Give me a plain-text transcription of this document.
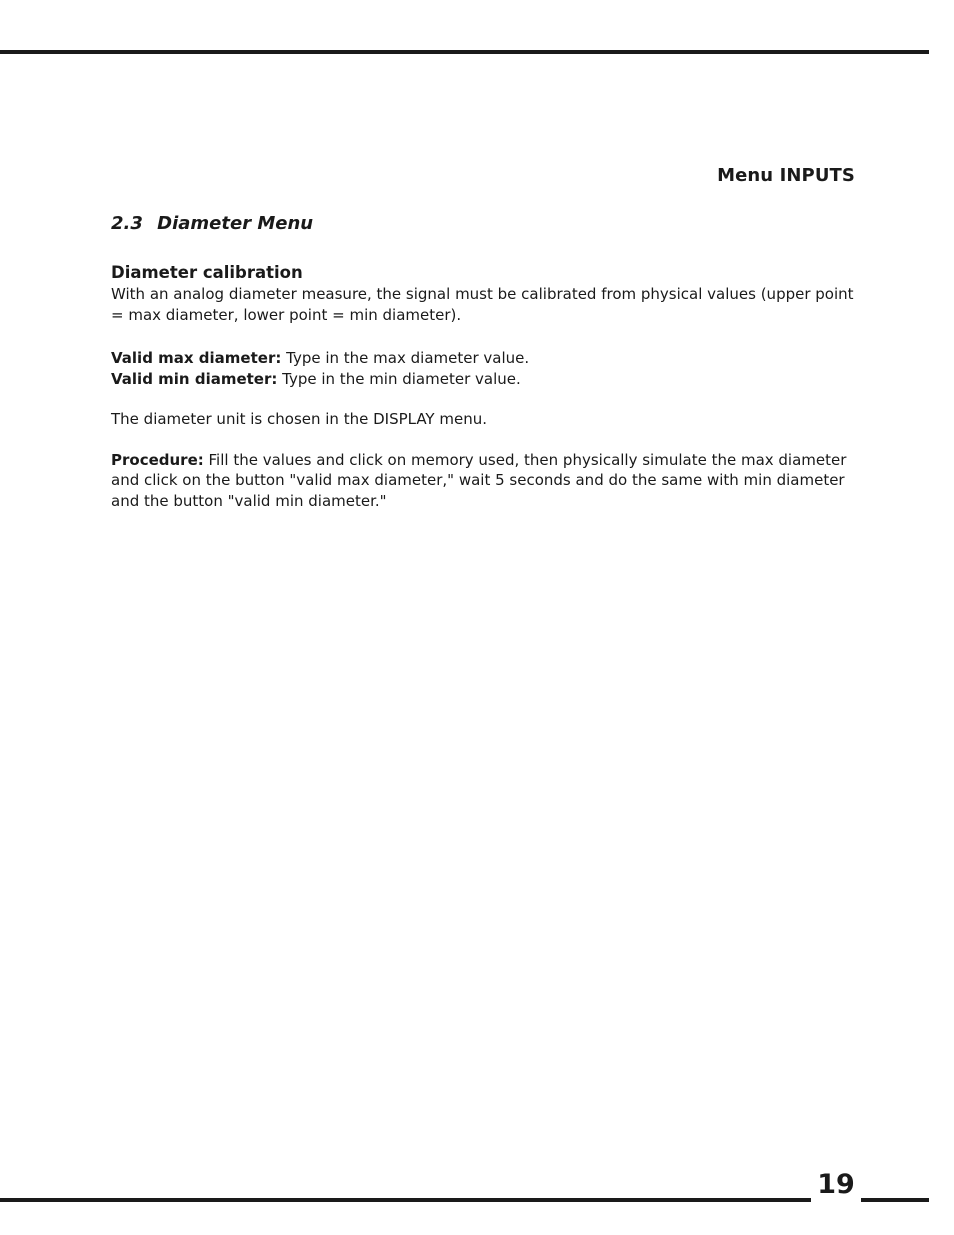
Menu INPUTS
2.3 Diameter Menu
Diameter calibration

With an analog diameter measure, the signal must be calibrated from physical values (upper point = max diameter, lower point = min diameter).

Valid max diameter: Type in the max diameter value.

Valid min diameter: Type in the min diameter value.

The diameter unit is chosen in the DISPLAY menu.

Procedure: Fill the values and click on memory used, then physically simulate the max diameter and click on the button "valid max diameter," wait 5 seconds and do the same with min diameter and the button "valid min diameter."

19
